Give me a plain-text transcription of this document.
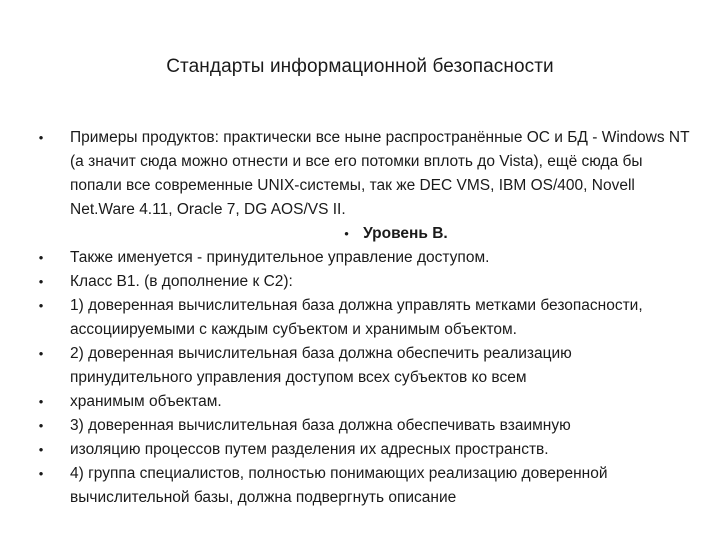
Стандарты информационной безопасности
• Примеры продуктов: практически все ныне распространённые ОС и БД - Windows NT (а значит сюда можно отнести и все его потомки вплоть до Vista), ещё сюда бы попали все современные UNIX-системы, так же DEC VMS, IBM OS/400, Novell Net.Ware 4.11, Oracle 7, DG AOS/VS II.
• Уровень B.
• Также именуется - принудительное управление доступом.
• Класс B1. (в дополнение к C2):
• 1) доверенная вычислительная база должна управлять метками безопасности, ассоциируемыми с каждым субъектом и хранимым объектом.
• 2) доверенная вычислительная база должна обеспечить реализацию принудительного управления доступом всех субъектов ко всем
• хранимым объектам.
• 3) доверенная вычислительная база должна обеспечивать взаимную
• изоляцию процессов путем разделения их адресных пространств.
• 4) группа специалистов, полностью понимающих реализацию доверенной вычислительной базы, должна подвергнуть описание
